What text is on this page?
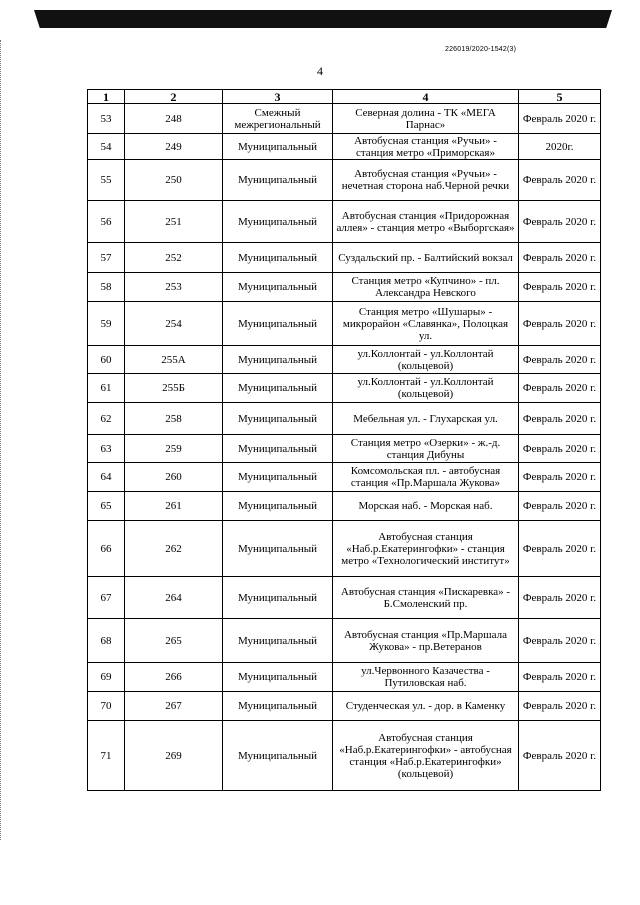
226019/2020-1542(3)
4
1	2	3	4	5
53	248	Смежный межрегиональный	Северная долина - ТК «МЕГА Парнас»	Февраль 2020 г.
54	249	Муниципальный	Автобусная станция «Ручьи» - станция метро «Приморская»	2020г.
55	250	Муниципальный	Автобусная станция «Ручьи» - нечетная сторона наб.Черной речки	Февраль 2020 г.
56	251	Муниципальный	Автобусная станция «Придорожная аллея» - станция метро «Выборгская»	Февраль 2020 г.
57	252	Муниципальный	Суздальский пр. - Балтийский вокзал	Февраль 2020 г.
58	253	Муниципальный	Станция метро «Купчино» - пл. Александра Невского	Февраль 2020 г.
59	254	Муниципальный	Станция метро «Шушары» - микрорайон «Славянка», Полоцкая ул.	Февраль 2020 г.
60	255А	Муниципальный	ул.Коллонтай - ул.Коллонтай (кольцевой)	Февраль 2020 г.
61	255Б	Муниципальный	ул.Коллонтай - ул.Коллонтай (кольцевой)	Февраль 2020 г.
62	258	Муниципальный	Мебельная ул. - Глухарская ул.	Февраль 2020 г.
63	259	Муниципальный	Станция метро «Озерки» - ж.-д. станция Дибуны	Февраль 2020 г.
64	260	Муниципальный	Комсомольская пл. - автобусная станция «Пр.Маршала Жукова»	Февраль 2020 г.
65	261	Муниципальный	Морская наб. - Морская наб.	Февраль 2020 г.
66	262	Муниципальный	Автобусная станция «Наб.р.Екатерингофки» - станция метро «Технологический институт»	Февраль 2020 г.
67	264	Муниципальный	Автобусная станция «Пискаревка» - Б.Смоленский пр.	Февраль 2020 г.
68	265	Муниципальный	Автобусная станция «Пр.Маршала Жукова» - пр.Ветеранов	Февраль 2020 г.
69	266	Муниципальный	ул.Червонного Казачества - Путиловская наб.	Февраль 2020 г.
70	267	Муниципальный	Студенческая ул. - дор. в Каменку	Февраль 2020 г.
71	269	Муниципальный	Автобусная станция «Наб.р.Екатерингофки» - автобусная станция «Наб.р.Екатерингофки» (кольцевой)	Февраль 2020 г.
